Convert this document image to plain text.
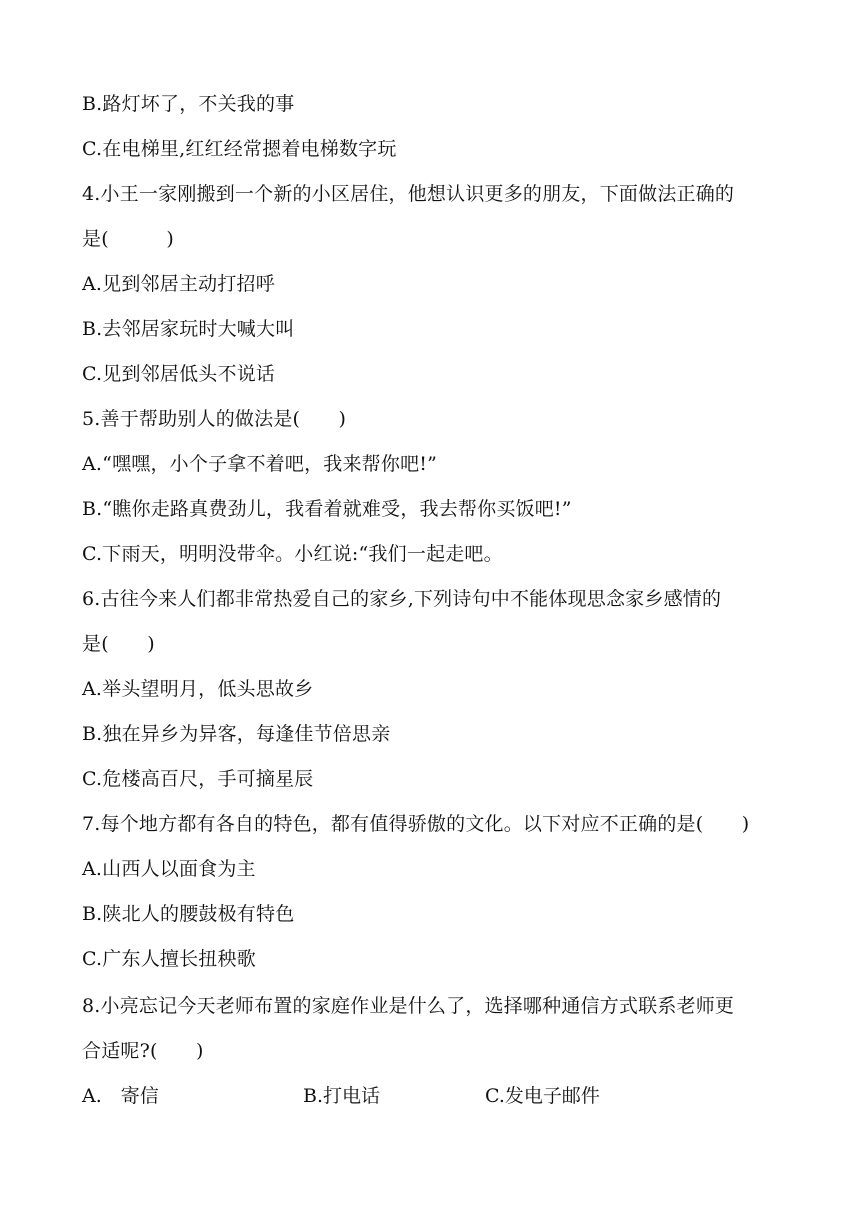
B.路灯坏了，不关我的事
C.在电梯里,红红经常摁着电梯数字玩
4.小王一家刚搬到一个新的小区居住，他想认识更多的朋友，下面做法正确的
是(　　　)
A.见到邻居主动打招呼
B.去邻居家玩时大喊大叫
C.见到邻居低头不说话
5.善于帮助别人的做法是(　　)
A.“嘿嘿，小个子拿不着吧，我来帮你吧!”
B.“瞧你走路真费劲儿，我看着就难受，我去帮你买饭吧!”
C.下雨天，明明没带伞。小红说:“我们一起走吧。
6.古往今来人们都非常热爱自己的家乡,下列诗句中不能体现思念家乡感情的
是(　　)
A.举头望明月，低头思故乡
B.独在异乡为异客，每逢佳节倍思亲
C.危楼高百尺，手可摘星辰
7.每个地方都有各自的特色，都有值得骄傲的文化。以下对应不正确的是(　　)
A.山西人以面食为主
B.陕北人的腰鼓极有特色
C.广东人擅长扭秧歌
8.小亮忘记今天老师布置的家庭作业是什么了，选择哪种通信方式联系老师更
合适呢?(　　)
A.　寄信	B.打电话	C.发电子邮件
